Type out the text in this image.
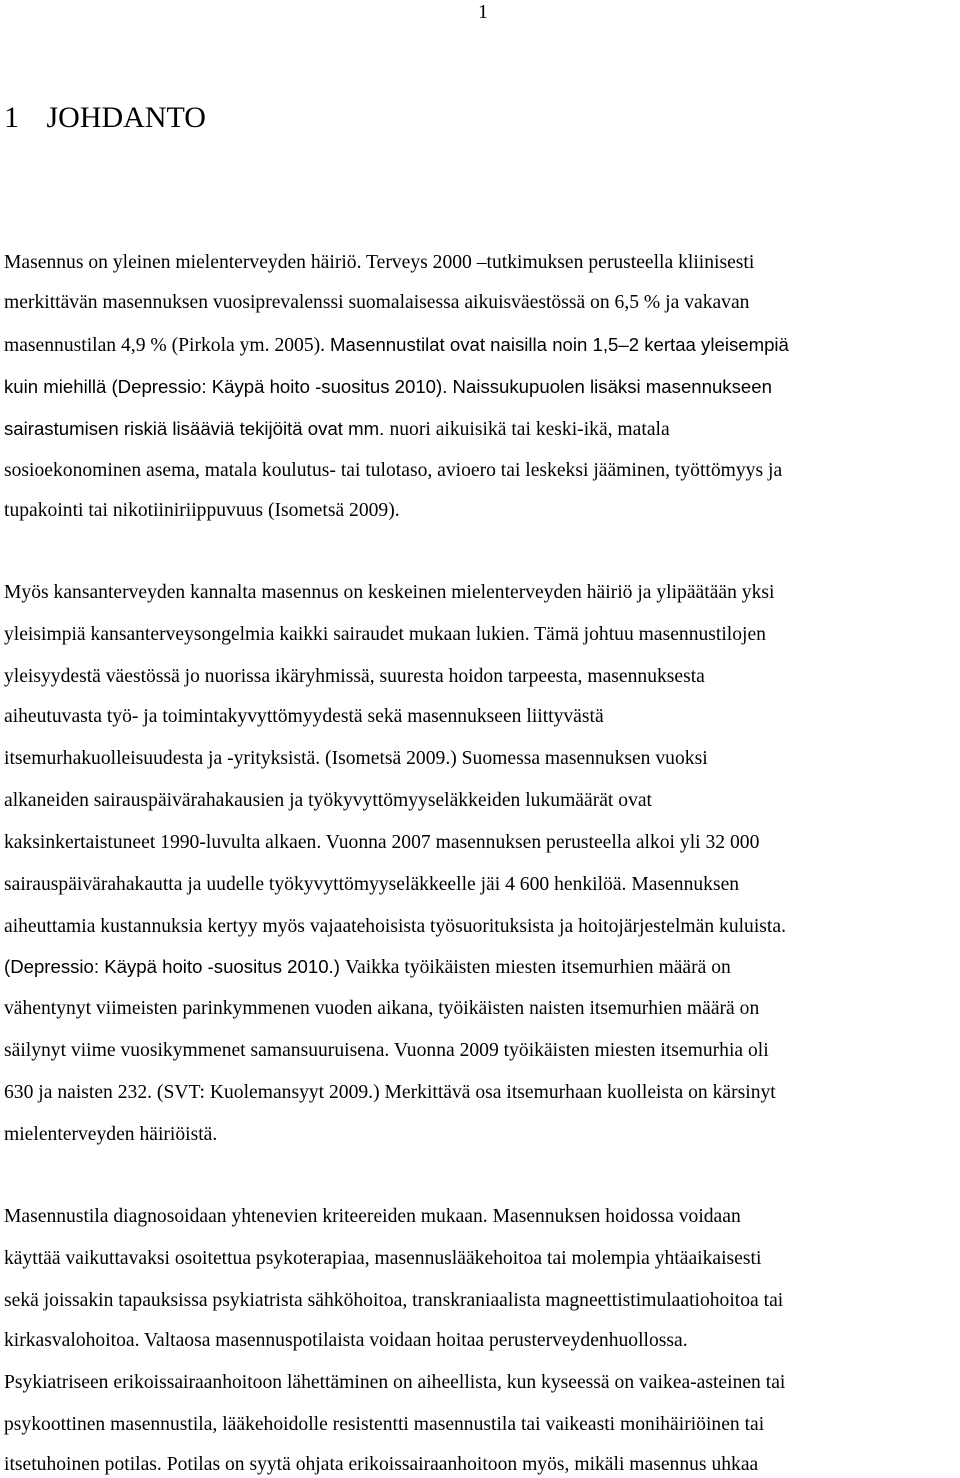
1
1 JOHDANTO
Masennus on yleinen mielenterveyden häiriö. Terveys 2000 –tutkimuksen perusteella kliinisesti
merkittävän masennuksen vuosiprevalenssi suomalaisessa aikuisväestössä on 6,5 % ja vakavan
masennustilan 4,9 % (Pirkola ym. 2005). Masennustilat ovat naisilla noin 1,5–2 kertaa yleisempiä
kuin miehillä (Depressio: Käypä hoito -suositus 2010). Naissukupuolen lisäksi masennukseen
sairastumisen riskiä lisääviä tekijöitä ovat mm. nuori aikuisikä tai keski-ikä, matala
sosioekonominen asema, matala koulutus- tai tulotaso, avioero tai leskeksi jääminen, työttömyys ja
tupakointi tai nikotiiniriippuvuus (Isometsä 2009).
Myös kansanterveyden kannalta masennus on keskeinen mielenterveyden häiriö ja ylipäätään yksi
yleisimpiä kansanterveysongelmia kaikki sairaudet mukaan lukien. Tämä johtuu masennustilojen
yleisyydestä väestössä jo nuorissa ikäryhmissä, suuresta hoidon tarpeesta, masennuksesta
aiheutuvasta työ- ja toimintakyvyttömyydestä sekä masennukseen liittyvästä
itsemurhakuolleisuudesta ja -yrityksistä. (Isometsä 2009.) Suomessa masennuksen vuoksi
alkaneiden sairauspäivärahakausien ja työkyvyttömyyseläkkeiden lukumäärät ovat
kaksinkertaistuneet 1990-luvulta alkaen. Vuonna 2007 masennuksen perusteella alkoi yli 32 000
sairauspäivärahakautta ja uudelle työkyvyttömyyseläkkeelle jäi 4 600 henkilöä. Masennuksen
aiheuttamia kustannuksia kertyy myös vajaatehoisista työsuorituksista ja hoitojärjestelmän kuluista.
(Depressio: Käypä hoito -suositus 2010.) Vaikka työikäisten miesten itsemurhien määrä on
vähentynyt viimeisten parinkymmenen vuoden aikana, työikäisten naisten itsemurhien määrä on
säilynyt viime vuosikymmenet samansuuruisena. Vuonna 2009 työikäisten miesten itsemurhia oli
630 ja naisten 232. (SVT: Kuolemansyyt 2009.) Merkittävä osa itsemurhaan kuolleista on kärsinyt
mielenterveyden häiriöistä.
Masennustila diagnosoidaan yhtenevien kriteereiden mukaan. Masennuksen hoidossa voidaan
käyttää vaikuttavaksi osoitettua psykoterapiaa, masennuslääkehoitoa tai molempia yhtäaikaisesti
sekä joissakin tapauksissa psykiatrista sähköhoitoa, transkraniaalista magneettistimulaatiohoitoa tai
kirkasvalohoitoa. Valtaosa masennuspotilaista voidaan hoitaa perusterveydenhuollossa.
Psykiatriseen erikoissairaanhoitoon lähettäminen on aiheellista, kun kyseessä on vaikea-asteinen tai
psykoottinen masennustila, lääkehoidolle resistentti masennustila tai vaikeasti monihäiriöinen tai
itsetuhoinen potilas. Potilas on syytä ohjata erikoissairaanhoitoon myös, mikäli masennus uhkaa
